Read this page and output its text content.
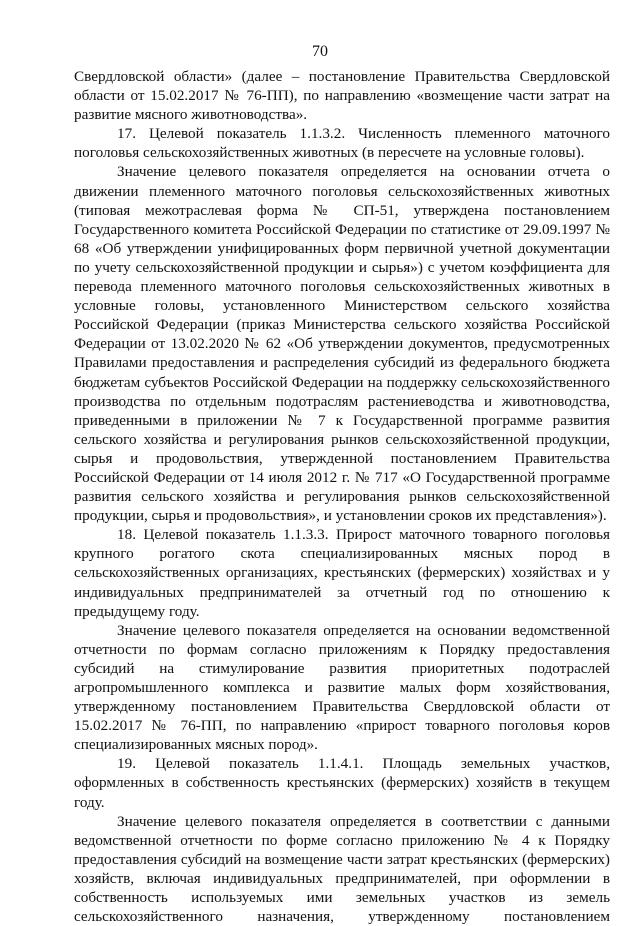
70

Свердловской области» (далее – постановление Правительства Свердловской области от 15.02.2017 № 76-ПП), по направлению «возмещение части затрат на развитие мясного животноводства».

17. Целевой показатель 1.1.3.2. Численность племенного маточного поголовья сельскохозяйственных животных (в пересчете на условные головы).

Значение целевого показателя определяется на основании отчета о движении племенного маточного поголовья сельскохозяйственных животных (типовая межотраслевая форма № СП-51, утверждена постановлением Государственного комитета Российской Федерации по статистике от 29.09.1997 № 68 «Об утверждении унифицированных форм первичной учетной документации по учету сельскохозяйственной продукции и сырья») с учетом коэффициента для перевода племенного маточного поголовья сельскохозяйственных животных в условные головы, установленного Министерством сельского хозяйства Российской Федерации (приказ Министерства сельского хозяйства Российской Федерации от 13.02.2020 № 62 «Об утверждении документов, предусмотренных Правилами предоставления и распределения субсидий из федерального бюджета бюджетам субъектов Российской Федерации на поддержку сельскохозяйственного производства по отдельным подотраслям растениеводства и животноводства, приведенными в приложении № 7 к Государственной программе развития сельского хозяйства и регулирования рынков сельскохозяйственной продукции, сырья и продовольствия, утвержденной постановлением Правительства Российской Федерации от 14 июля 2012 г. № 717 «О Государственной программе развития сельского хозяйства и регулирования рынков сельскохозяйственной продукции, сырья и продовольствия», и установлении сроков их представления»).

18. Целевой показатель 1.1.3.3. Прирост маточного товарного поголовья крупного рогатого скота специализированных мясных пород в сельскохозяйственных организациях, крестьянских (фермерских) хозяйствах и у индивидуальных предпринимателей за отчетный год по отношению к предыдущему году.

Значение целевого показателя определяется на основании ведомственной отчетности по формам согласно приложениям к Порядку предоставления субсидий на стимулирование развития приоритетных подотраслей агропромышленного комплекса и развитие малых форм хозяйствования, утвержденному постановлением Правительства Свердловской области от 15.02.2017 № 76-ПП, по направлению «прирост товарного поголовья коров специализированных мясных пород».

19. Целевой показатель 1.1.4.1. Площадь земельных участков, оформленных в собственность крестьянских (фермерских) хозяйств в текущем году.

Значение целевого показателя определяется в соответствии с данными ведомственной отчетности по форме согласно приложению № 4 к Порядку предоставления субсидий на возмещение части затрат крестьянских (фермерских) хозяйств, включая индивидуальных предпринимателей, при оформлении в собственность используемых ими земельных участков из земель сельскохозяйственного назначения, утвержденному постановлением
